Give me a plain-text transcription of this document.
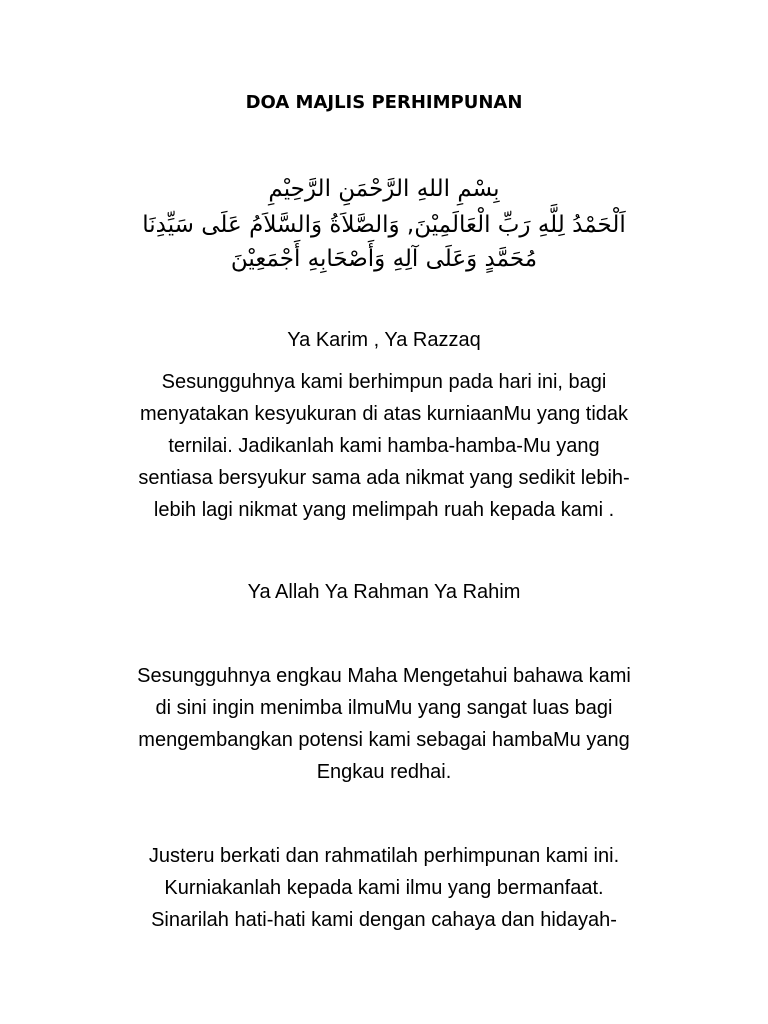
DOA MAJLIS PERHIMPUNAN
بِسْمِ اللهِ الرَّحْمَنِ الرَّحِيْمِ
اَلْحَمْدُ لِلَّهِ رَبِّ الْعَالَمِيْنَ, وَالصَّلاَةُ وَالسَّلاَمُ عَلَى سَيِّدِنَا
مُحَمَّدٍ وَعَلَى آلِهِ وَأَصْحَابِهِ أَجْمَعِيْنَ
Ya Karim , Ya Razzaq
Sesungguhnya kami berhimpun pada hari ini, bagi
menyatakan kesyukuran di atas kurniaanMu yang tidak
ternilai. Jadikanlah kami hamba-hamba-Mu yang
sentiasa bersyukur sama ada nikmat yang sedikit lebih-
lebih lagi nikmat yang melimpah ruah kepada kami .
Ya Allah Ya Rahman Ya Rahim
Sesungguhnya engkau Maha Mengetahui bahawa kami
di sini ingin menimba ilmuMu yang sangat luas bagi
mengembangkan potensi kami sebagai hambaMu yang
Engkau redhai.
Justeru berkati dan rahmatilah perhimpunan kami ini.
Kurniakanlah kepada kami ilmu yang bermanfaat.
Sinarilah hati-hati kami dengan cahaya dan hidayah-
